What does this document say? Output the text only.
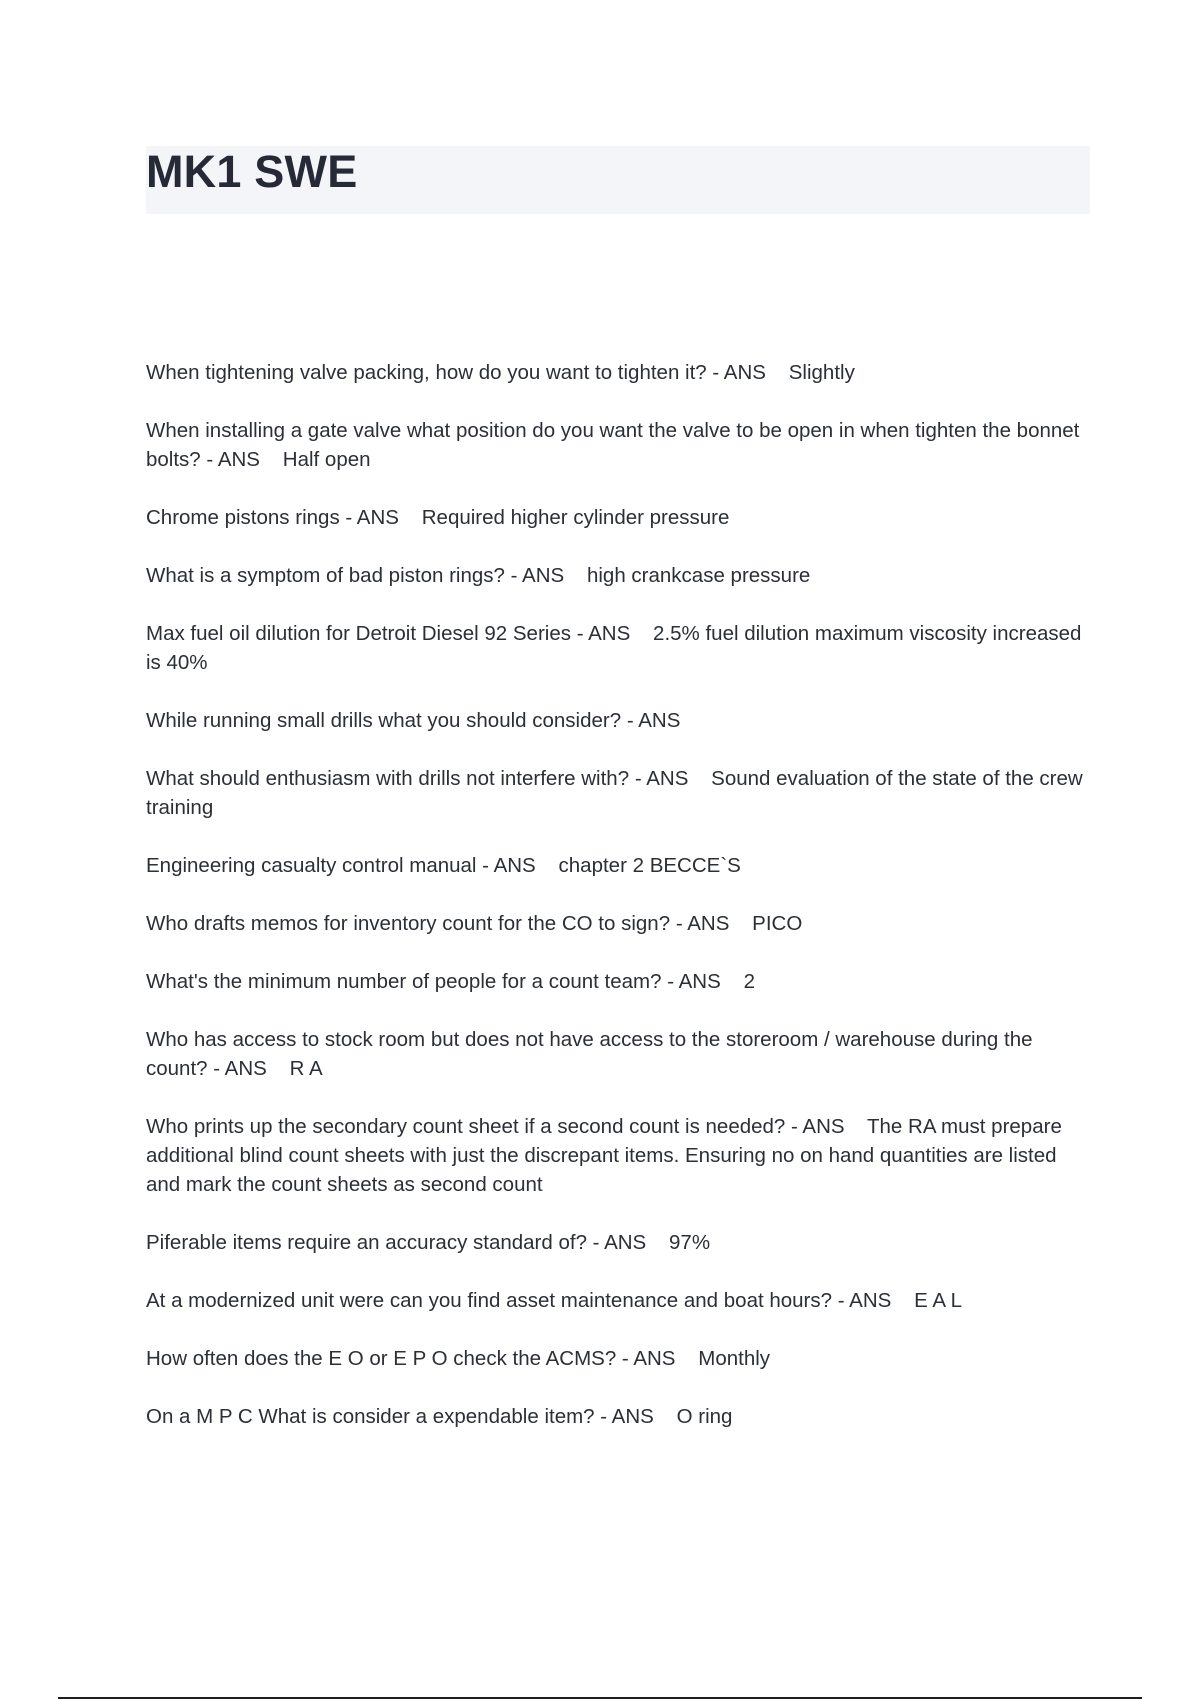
MK1 SWE
When tightening valve packing, how do you want to tighten it? - ANS Slightly
When installing a gate valve what position do you want the valve to be open in when tighten the bonnet bolts? - ANS Half open
Chrome pistons rings - ANS Required higher cylinder pressure
What is a symptom of bad piston rings? - ANS high crankcase pressure
Max fuel oil dilution for Detroit Diesel 92 Series - ANS 2.5% fuel dilution maximum viscosity increased is 40%
While running small drills what you should consider? - ANS
What should enthusiasm with drills not interfere with? - ANS Sound evaluation of the state of the crew training
Engineering casualty control manual - ANS chapter 2 BECCE`S
Who drafts memos for inventory count for the CO to sign? - ANS PICO
What's the minimum number of people for a count team? - ANS 2
Who has access to stock room but does not have access to the storeroom / warehouse during the count? - ANS R A
Who prints up the secondary count sheet if a second count is needed? - ANS The RA must prepare additional blind count sheets with just the discrepant items. Ensuring no on hand quantities are listed and mark the count sheets as second count
Piferable items require an accuracy standard of? - ANS 97%
At a modernized unit were can you find asset maintenance and boat hours? - ANS E A L
How often does the E O or E P O check the ACMS? - ANS Monthly
On a M P C What is consider a expendable item? - ANS O ring
